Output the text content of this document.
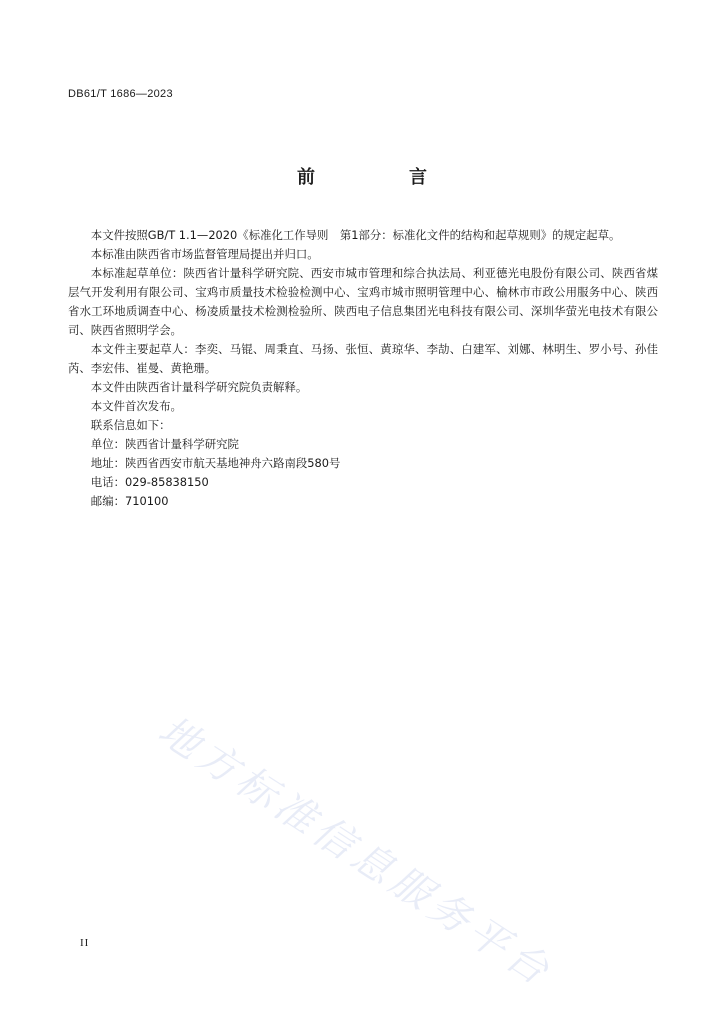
DB61/T 1686—2023
前　言

本文件按照GB/T 1.1—2020《标准化工作导则　第1部分：标准化文件的结构和起草规则》的规定起草。

本标准由陕西省市场监督管理局提出并归口。

本标准起草单位：陕西省计量科学研究院、西安市城市管理和综合执法局、利亚德光电股份有限公司、陕西省煤层气开发利用有限公司、宝鸡市质量技术检验检测中心、宝鸡市城市照明管理中心、榆林市市政公用服务中心、陕西省水工环地质调查中心、杨凌质量技术检测检验所、陕西电子信息集团光电科技有限公司、深圳华萤光电技术有限公司、陕西省照明学会。

本文件主要起草人：李奕、马锟、周秉直、马扬、张恒、黄琼华、李劼、白建军、刘娜、林明生、罗小号、孙佳芮、李宏伟、崔曼、黄艳珊。

本文件由陕西省计量科学研究院负责解释。

本文件首次发布。

联系信息如下：

单位：陕西省计量科学研究院
地址：陕西省西安市航天基地神舟六路南段580号
电话：029-85838150
邮编：710100
地方标准信息服务平台
II
